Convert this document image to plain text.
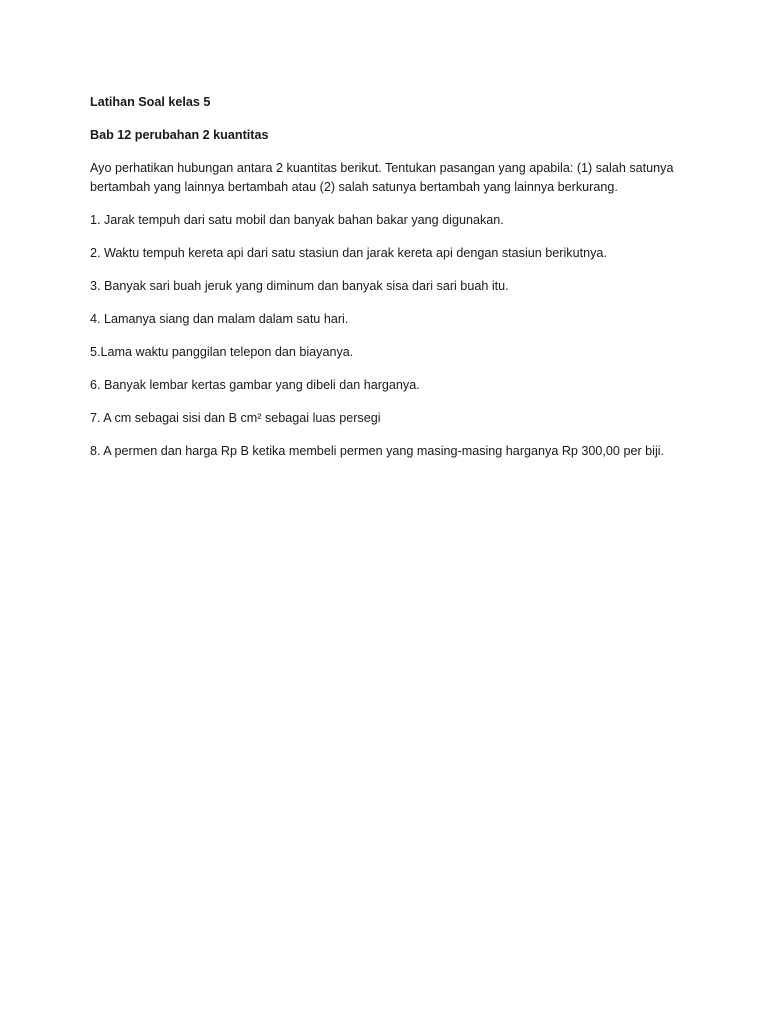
Latihan Soal kelas 5

Bab 12 perubahan 2 kuantitas

Ayo perhatikan hubungan antara 2 kuantitas berikut. Tentukan pasangan yang apabila: (1) salah satunya
bertambah yang lainnya bertambah atau (2) salah satunya bertambah yang lainnya berkurang.

1. Jarak tempuh dari satu mobil dan banyak bahan bakar yang digunakan.

2. Waktu tempuh kereta api dari satu stasiun dan jarak kereta api dengan stasiun berikutnya.

3. Banyak sari buah jeruk yang diminum dan banyak sisa dari sari buah itu.

4. Lamanya siang dan malam dalam satu hari.

5.Lama waktu panggilan telepon dan biayanya.

6. Banyak lembar kertas gambar yang dibeli dan harganya.

7. A cm sebagai sisi dan B cm² sebagai luas persegi

8. A permen dan harga Rp B ketika membeli permen yang masing-masing harganya Rp 300,00 per biji.
